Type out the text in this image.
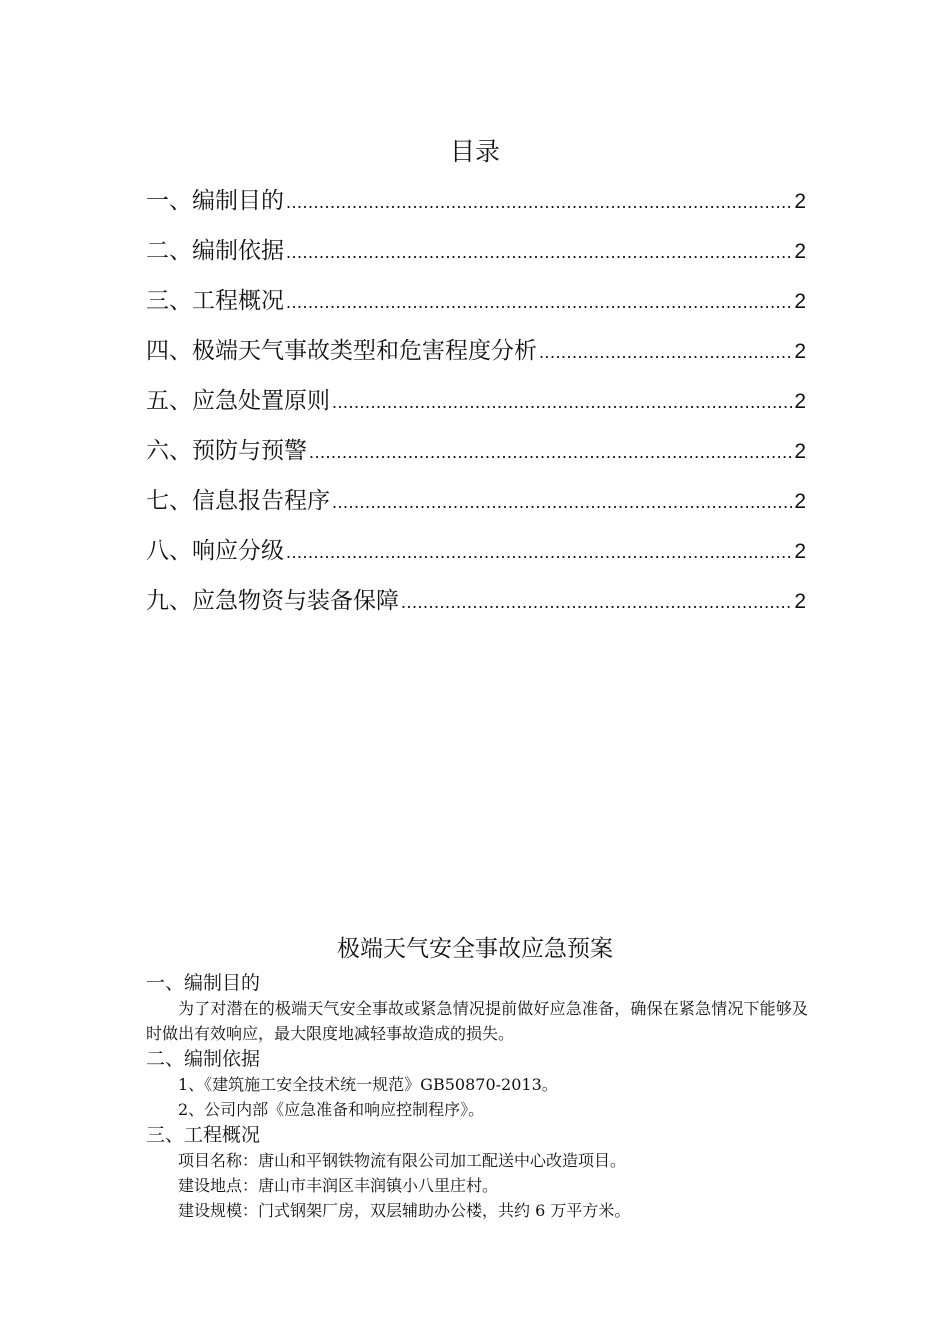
目录
一、编制目的 .....	2
二、编制依据 .....	2
三、工程概况 .....	2
四、极端天气事故类型和危害程度分析 .....	2
五、应急处置原则 .....	2
六、预防与预警 .....	2
七、信息报告程序 .....	2
八、响应分级 .....	2
九、应急物资与装备保障 .....	2
极端天气安全事故应急预案

一、编制目的

为了对潜在的极端天气安全事故或紧急情况提前做好应急准备，确保在紧急情况下能够及时做出有效响应，最大限度地减轻事故造成的损失。

二、编制依据

1、《建筑施工安全技术统一规范》GB50870-2013。

2、公司内部《应急准备和响应控制程序》。

三、工程概况

项目名称：唐山和平钢铁物流有限公司加工配送中心改造项目。

建设地点：唐山市丰润区丰润镇小八里庄村。

建设规模：门式钢架厂房，双层辅助办公楼，共约 6 万平方米。
